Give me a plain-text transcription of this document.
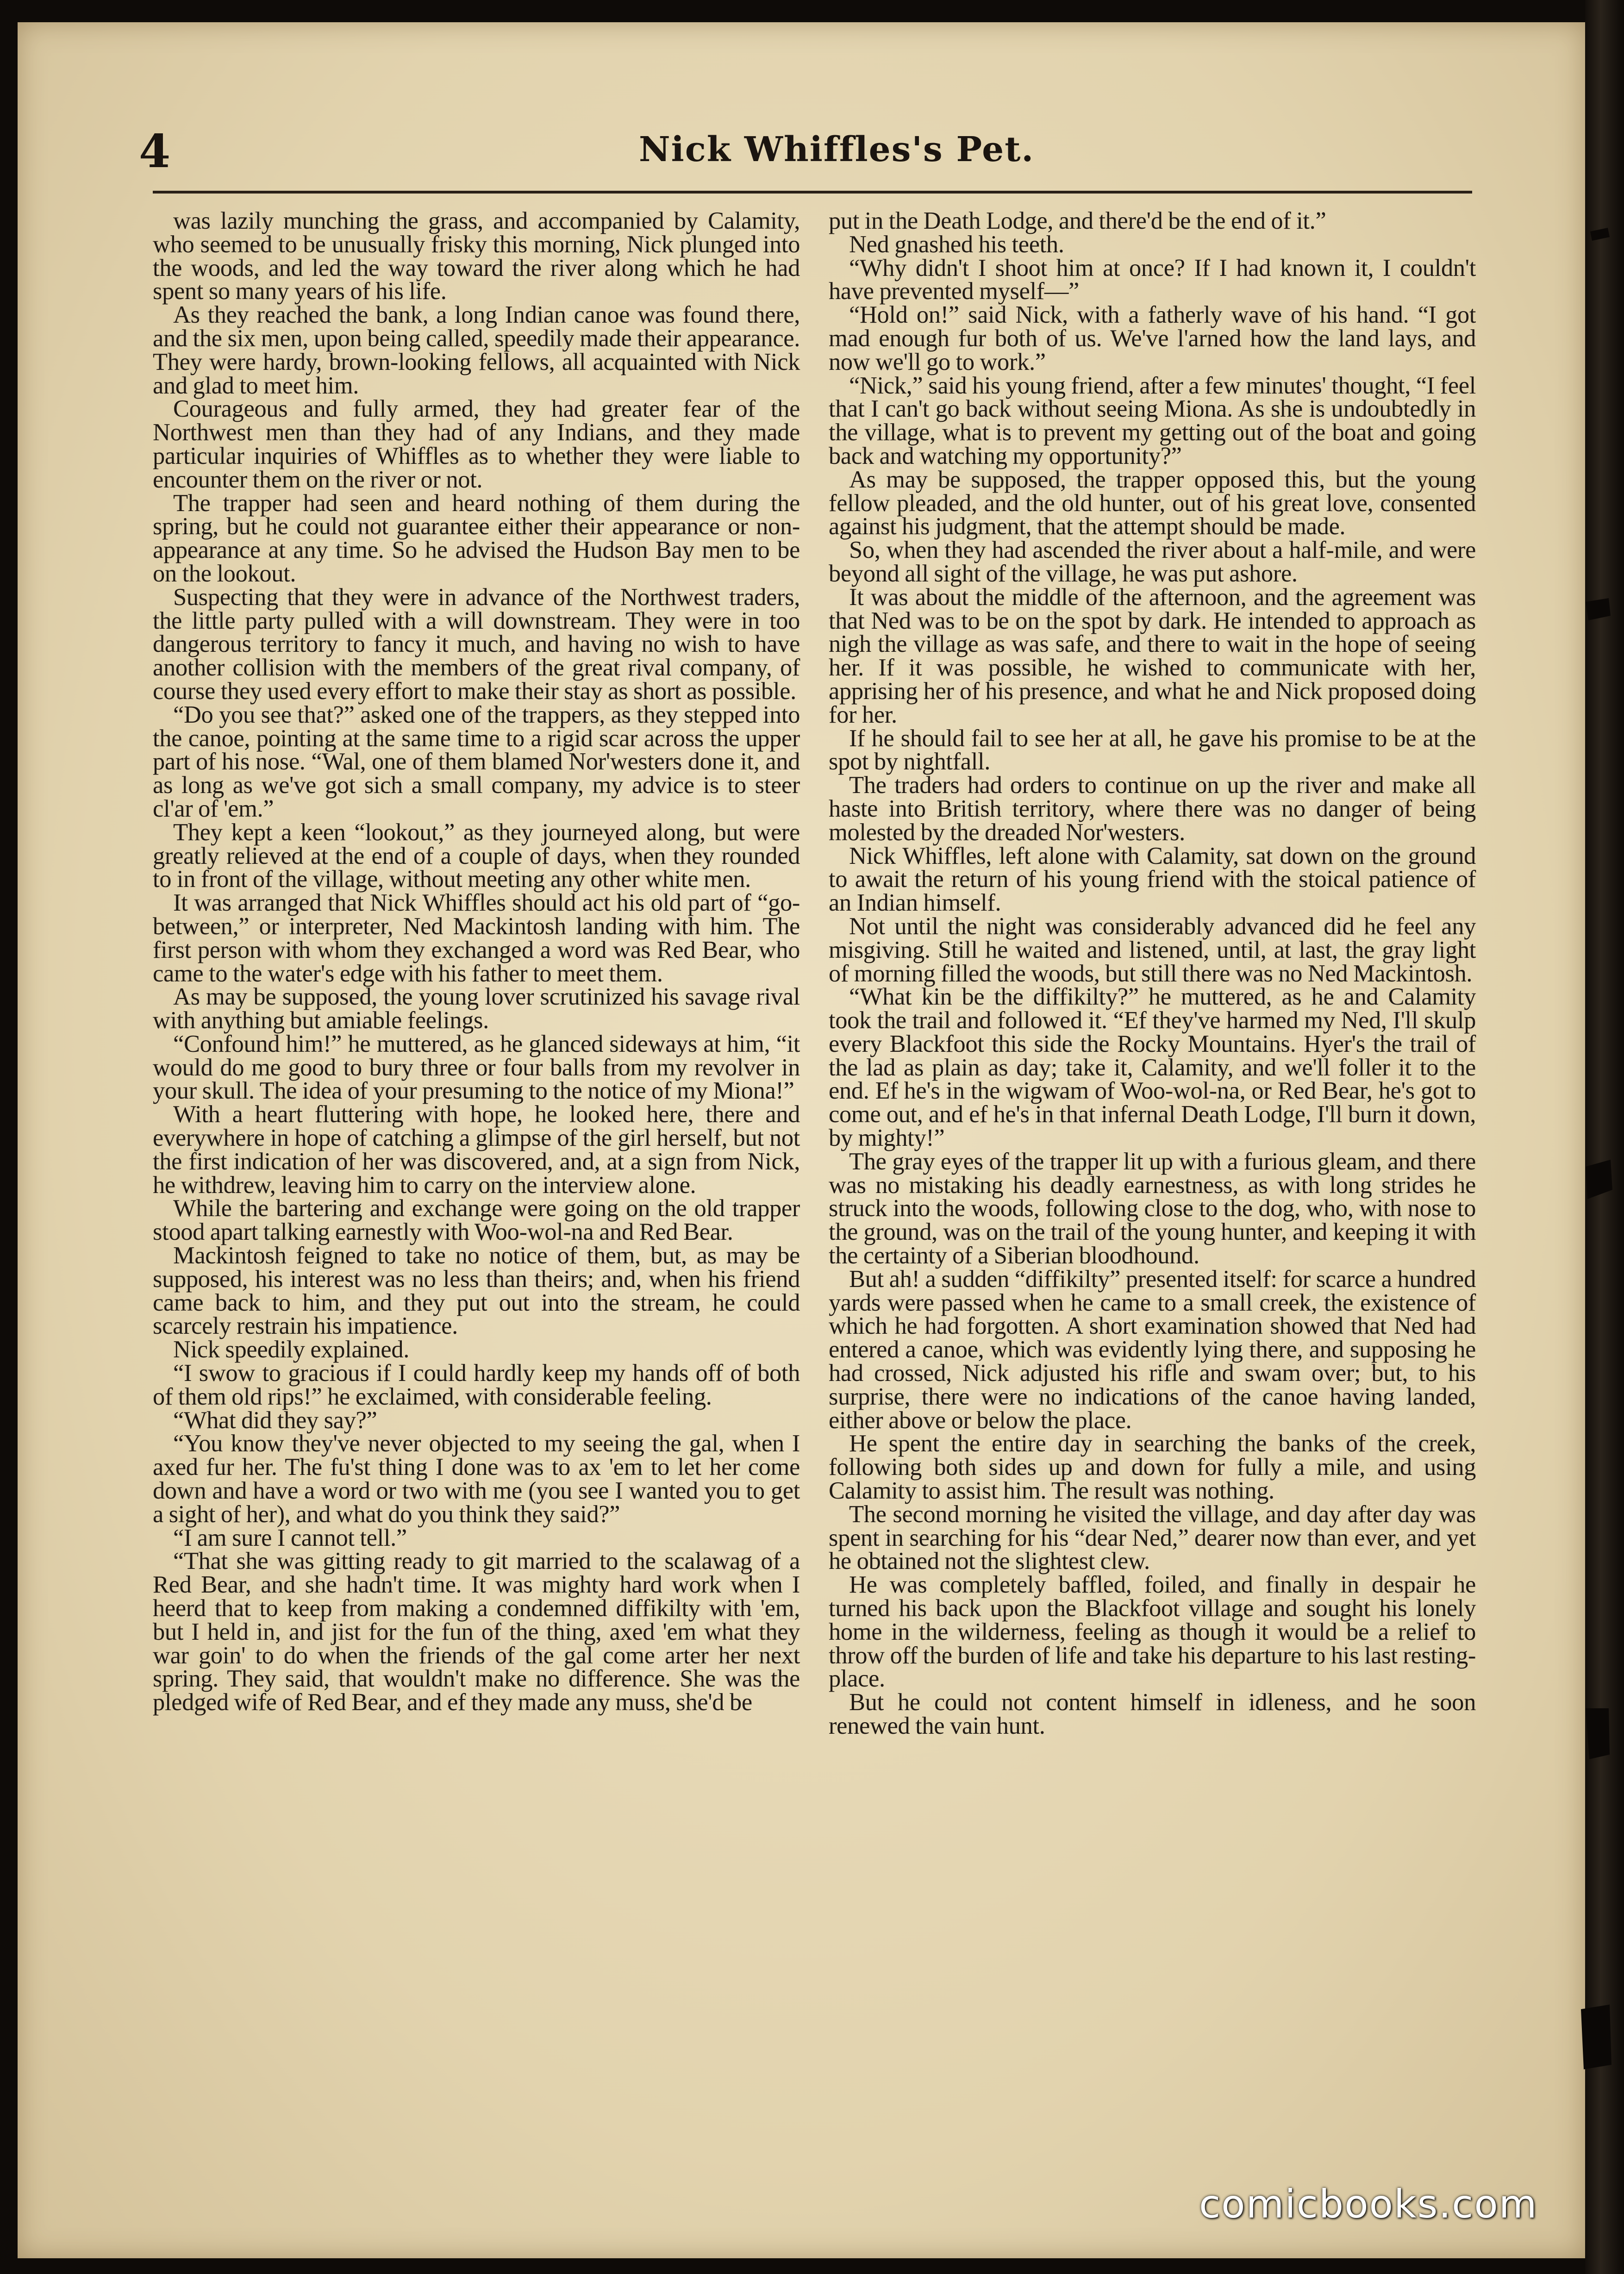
4	Nick Whiffles's Pet.

was lazily munching the grass, and accompanied by Calamity, who seemed to be unusually frisky this morning, Nick plunged into the woods, and led the way toward the river along which he had spent so many years of his life.

As they reached the bank, a long Indian canoe was found there, and the six men, upon being called, speedily made their appearance. They were hardy, brown-looking fellows, all acquainted with Nick and glad to meet him.

Courageous and fully armed, they had greater fear of the Northwest men than they had of any Indians, and they made particular inquiries of Whiffles as to whether they were liable to encounter them on the river or not.

The trapper had seen and heard nothing of them during the spring, but he could not guarantee either their appearance or non-appearance at any time. So he advised the Hudson Bay men to be on the lookout.

Suspecting that they were in advance of the Northwest traders, the little party pulled with a will downstream. They were in too dangerous territory to fancy it much, and having no wish to have another collision with the members of the great rival company, of course they used every effort to make their stay as short as possible.

“Do you see that?” asked one of the trappers, as they stepped into the canoe, pointing at the same time to a rigid scar across the upper part of his nose. “Wal, one of them blamed Nor'westers done it, and as long as we've got sich a small company, my advice is to steer cl'ar of 'em.”

They kept a keen “lookout,” as they journeyed along, but were greatly relieved at the end of a couple of days, when they rounded to in front of the village, without meeting any other white men.

It was arranged that Nick Whiffles should act his old part of “go-between,” or interpreter, Ned Mackintosh landing with him. The first person with whom they exchanged a word was Red Bear, who came to the water's edge with his father to meet them.

As may be supposed, the young lover scrutinized his savage rival with anything but amiable feelings.

“Confound him!” he muttered, as he glanced sideways at him, “it would do me good to bury three or four balls from my revolver in your skull. The idea of your presuming to the notice of my Miona!”

With a heart fluttering with hope, he looked here, there and everywhere in hope of catching a glimpse of the girl herself, but not the first indication of her was discovered, and, at a sign from Nick, he withdrew, leaving him to carry on the interview alone.

While the bartering and exchange were going on the old trapper stood apart talking earnestly with Woo-wol-na and Red Bear.

Mackintosh feigned to take no notice of them, but, as may be supposed, his interest was no less than theirs; and, when his friend came back to him, and they put out into the stream, he could scarcely restrain his impatience.

Nick speedily explained.

“I swow to gracious if I could hardly keep my hands off of both of them old rips!” he exclaimed, with considerable feeling.

“What did they say?”

“You know they've never objected to my seeing the gal, when I axed fur her. The fu'st thing I done was to ax 'em to let her come down and have a word or two with me (you see I wanted you to get a sight of her), and what do you think they said?”

“I am sure I cannot tell.”

“That she was gitting ready to git married to the scalawag of a Red Bear, and she hadn't time. It was mighty hard work when I heerd that to keep from making a condemned diffikilty with 'em, but I held in, and jist for the fun of the thing, axed 'em what they war goin' to do when the friends of the gal come arter her next spring. They said, that wouldn't make no difference. She was the pledged wife of Red Bear, and ef they made any muss, she'd be

put in the Death Lodge, and there'd be the end of it.”

Ned gnashed his teeth.

“Why didn't I shoot him at once? If I had known it, I couldn't have prevented myself—”

“Hold on!” said Nick, with a fatherly wave of his hand. “I got mad enough fur both of us. We've l'arned how the land lays, and now we'll go to work.”

“Nick,” said his young friend, after a few minutes' thought, “I feel that I can't go back without seeing Miona. As she is undoubtedly in the village, what is to prevent my getting out of the boat and going back and watching my opportunity?”

As may be supposed, the trapper opposed this, but the young fellow pleaded, and the old hunter, out of his great love, consented against his judgment, that the attempt should be made.

So, when they had ascended the river about a half-mile, and were beyond all sight of the village, he was put ashore.

It was about the middle of the afternoon, and the agreement was that Ned was to be on the spot by dark. He intended to approach as nigh the village as was safe, and there to wait in the hope of seeing her. If it was possible, he wished to communicate with her, apprising her of his presence, and what he and Nick proposed doing for her.

If he should fail to see her at all, he gave his promise to be at the spot by nightfall.

The traders had orders to continue on up the river and make all haste into British territory, where there was no danger of being molested by the dreaded Nor'westers.

Nick Whiffles, left alone with Calamity, sat down on the ground to await the return of his young friend with the stoical patience of an Indian himself.

Not until the night was considerably advanced did he feel any misgiving. Still he waited and listened, until, at last, the gray light of morning filled the woods, but still there was no Ned Mackintosh.

“What kin be the diffikilty?” he muttered, as he and Calamity took the trail and followed it. “Ef they've harmed my Ned, I'll skulp every Blackfoot this side the Rocky Mountains. Hyer's the trail of the lad as plain as day; take it, Calamity, and we'll foller it to the end. Ef he's in the wigwam of Woo-wol-na, or Red Bear, he's got to come out, and ef he's in that infernal Death Lodge, I'll burn it down, by mighty!”

The gray eyes of the trapper lit up with a furious gleam, and there was no mistaking his deadly earnestness, as with long strides he struck into the woods, following close to the dog, who, with nose to the ground, was on the trail of the young hunter, and keeping it with the certainty of a Siberian bloodhound.

But ah! a sudden “diffikilty” presented itself: for scarce a hundred yards were passed when he came to a small creek, the existence of which he had forgotten. A short examination showed that Ned had entered a canoe, which was evidently lying there, and supposing he had crossed, Nick adjusted his rifle and swam over; but, to his surprise, there were no indications of the canoe having landed, either above or below the place.

He spent the entire day in searching the banks of the creek, following both sides up and down for fully a mile, and using Calamity to assist him. The result was nothing.

The second morning he visited the village, and day after day was spent in searching for his “dear Ned,” dearer now than ever, and yet he obtained not the slightest clew.

He was completely baffled, foiled, and finally in despair he turned his back upon the Blackfoot village and sought his lonely home in the wilderness, feeling as though it would be a relief to throw off the burden of life and take his departure to his last resting-place.

But he could not content himself in idleness, and he soon renewed the vain hunt.

comicbooks.com
